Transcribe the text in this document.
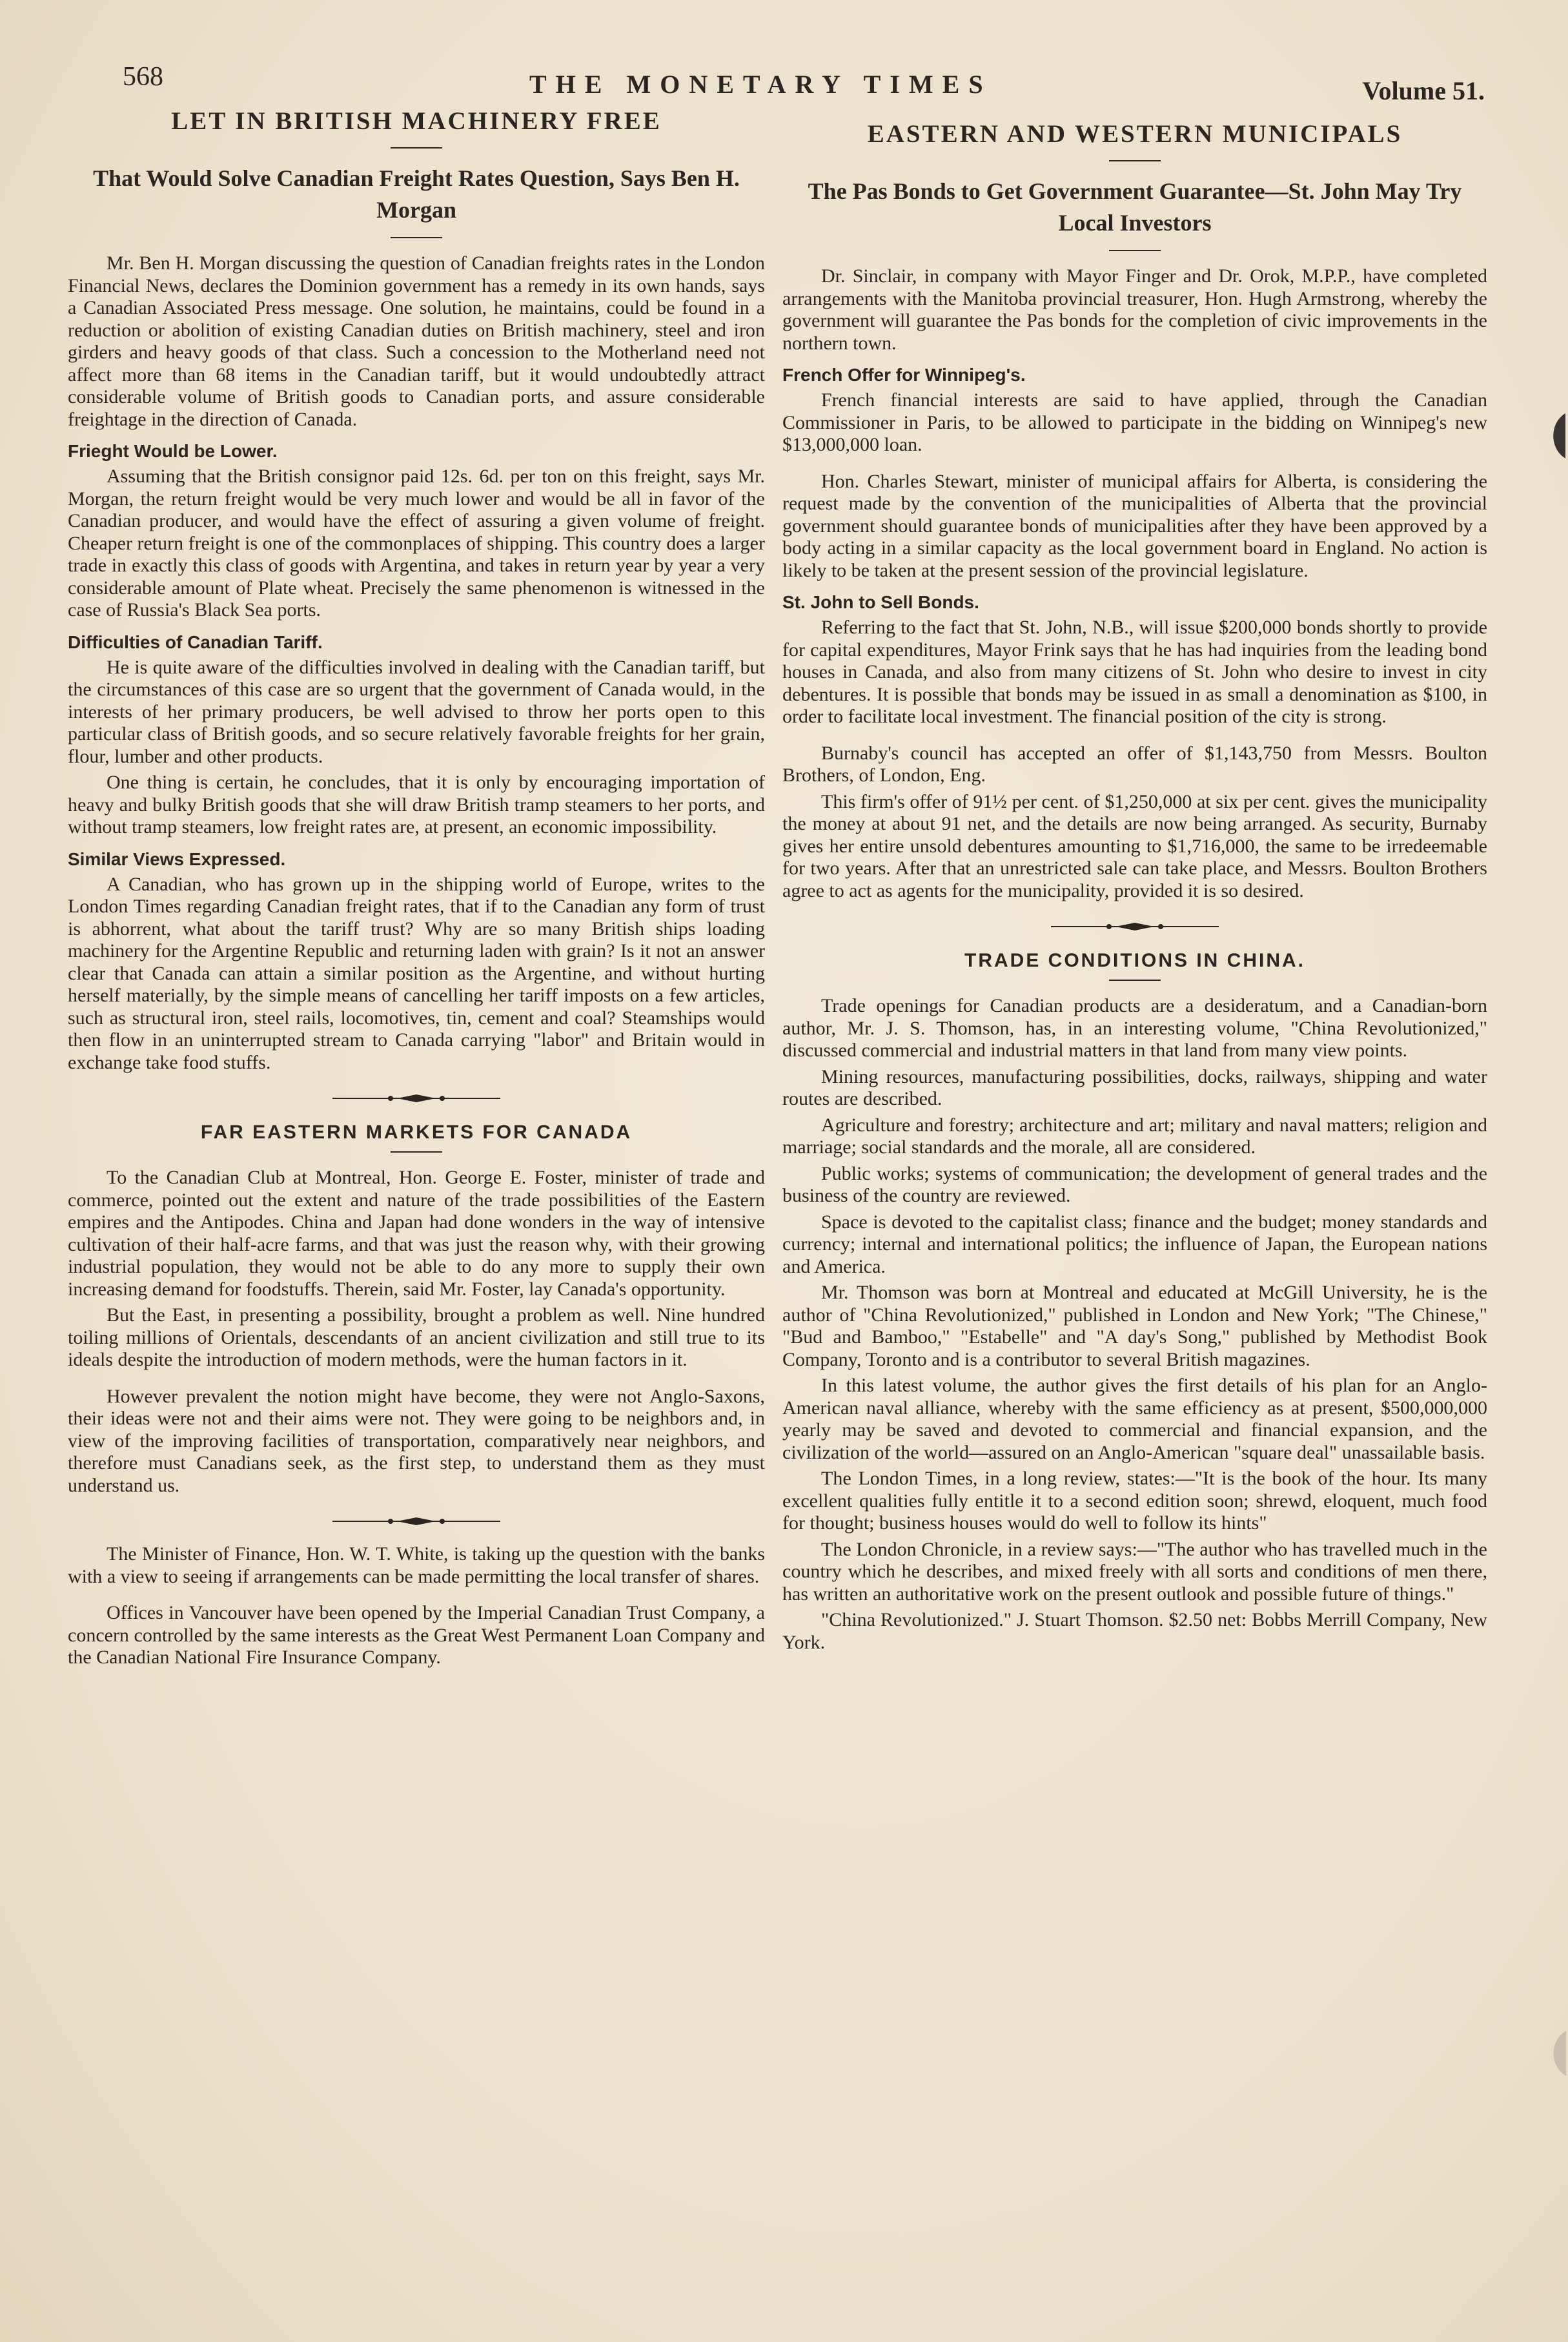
568	THE MONETARY TIMES	Volume 51.
LET IN BRITISH MACHINERY FREE
That Would Solve Canadian Freight Rates Question, Says Ben H. Morgan

Mr. Ben H. Morgan discussing the question of Canadian freights rates in the London Financial News, declares the Dominion government has a remedy in its own hands, says a Canadian Associated Press message. One solution, he maintains, could be found in a reduction or abolition of existing Canadian duties on British machinery, steel and iron girders and heavy goods of that class. Such a concession to the Motherland need not affect more than 68 items in the Canadian tariff, but it would undoubtedly attract considerable volume of British goods to Canadian ports, and assure considerable freightage in the direction of Canada.

Frieght Would be Lower.

Assuming that the British consignor paid 12s. 6d. per ton on this freight, says Mr. Morgan, the return freight would be very much lower and would be all in favor of the Canadian producer, and would have the effect of assuring a given volume of freight. Cheaper return freight is one of the commonplaces of shipping. This country does a larger trade in exactly this class of goods with Argentina, and takes in return year by year a very considerable amount of Plate wheat. Precisely the same phenomenon is witnessed in the case of Russia's Black Sea ports.

Difficulties of Canadian Tariff.

He is quite aware of the difficulties involved in dealing with the Canadian tariff, but the circumstances of this case are so urgent that the government of Canada would, in the interests of her primary producers, be well advised to throw her ports open to this particular class of British goods, and so secure relatively favorable freights for her grain, flour, lumber and other products.

One thing is certain, he concludes, that it is only by encouraging importation of heavy and bulky British goods that she will draw British tramp steamers to her ports, and without tramp steamers, low freight rates are, at present, an economic impossibility.

Similar Views Expressed.

A Canadian, who has grown up in the shipping world of Europe, writes to the London Times regarding Canadian freight rates, that if to the Canadian any form of trust is abhorrent, what about the tariff trust? Why are so many British ships loading machinery for the Argentine Republic and returning laden with grain? Is it not an answer clear that Canada can attain a similar position as the Argentine, and without hurting herself materially, by the simple means of cancelling her tariff imposts on a few articles, such as structural iron, steel rails, locomotives, tin, cement and coal? Steamships would then flow in an uninterrupted stream to Canada carrying "labor" and Britain would in exchange take food stuffs.

FAR EASTERN MARKETS FOR CANADA

To the Canadian Club at Montreal, Hon. George E. Foster, minister of trade and commerce, pointed out the extent and nature of the trade possibilities of the Eastern empires and the Antipodes. China and Japan had done wonders in the way of intensive cultivation of their half-acre farms, and that was just the reason why, with their growing industrial population, they would not be able to do any more to supply their own increasing demand for foodstuffs. Therein, said Mr. Foster, lay Canada's opportunity.

But the East, in presenting a possibility, brought a problem as well. Nine hundred toiling millions of Orientals, descendants of an ancient civilization and still true to its ideals despite the introduction of modern methods, were the human factors in it.

However prevalent the notion might have become, they were not Anglo-Saxons, their ideas were not and their aims were not. They were going to be neighbors and, in view of the improving facilities of transportation, comparatively near neighbors, and therefore must Canadians seek, as the first step, to understand them as they must understand us.

The Minister of Finance, Hon. W. T. White, is taking up the question with the banks with a view to seeing if arrangements can be made permitting the local transfer of shares.

Offices in Vancouver have been opened by the Imperial Canadian Trust Company, a concern controlled by the same interests as the Great West Permanent Loan Company and the Canadian National Fire Insurance Company.

EASTERN AND WESTERN MUNICIPALS
The Pas Bonds to Get Government Guarantee—St. John May Try Local Investors

Dr. Sinclair, in company with Mayor Finger and Dr. Orok, M.P.P., have completed arrangements with the Manitoba provincial treasurer, Hon. Hugh Armstrong, whereby the government will guarantee the Pas bonds for the completion of civic improvements in the northern town.

French Offer for Winnipeg's.

French financial interests are said to have applied, through the Canadian Commissioner in Paris, to be allowed to participate in the bidding on Winnipeg's new $13,000,000 loan.

Hon. Charles Stewart, minister of municipal affairs for Alberta, is considering the request made by the convention of the municipalities of Alberta that the provincial government should guarantee bonds of municipalities after they have been approved by a body acting in a similar capacity as the local government board in England. No action is likely to be taken at the present session of the provincial legislature.

St. John to Sell Bonds.

Referring to the fact that St. John, N.B., will issue $200,000 bonds shortly to provide for capital expenditures, Mayor Frink says that he has had inquiries from the leading bond houses in Canada, and also from many citizens of St. John who desire to invest in city debentures. It is possible that bonds may be issued in as small a denomination as $100, in order to facilitate local investment. The financial position of the city is strong.

Burnaby's council has accepted an offer of $1,143,750 from Messrs. Boulton Brothers, of London, Eng.

This firm's offer of 91½ per cent. of $1,250,000 at six per cent. gives the municipality the money at about 91 net, and the details are now being arranged. As security, Burnaby gives her entire unsold debentures amounting to $1,716,000, the same to be irredeemable for two years. After that an unrestricted sale can take place, and Messrs. Boulton Brothers agree to act as agents for the municipality, provided it is so desired.

TRADE CONDITIONS IN CHINA.

Trade openings for Canadian products are a desideratum, and a Canadian-born author, Mr. J. S. Thomson, has, in an interesting volume, "China Revolutionized," discussed commercial and industrial matters in that land from many view points.

Mining resources, manufacturing possibilities, docks, railways, shipping and water routes are described.

Agriculture and forestry; architecture and art; military and naval matters; religion and marriage; social standards and the morale, all are considered.

Public works; systems of communication; the development of general trades and the business of the country are reviewed.

Space is devoted to the capitalist class; finance and the budget; money standards and currency; internal and international politics; the influence of Japan, the European nations and America.

Mr. Thomson was born at Montreal and educated at McGill University, he is the author of "China Revolutionized," published in London and New York; "The Chinese," "Bud and Bamboo," "Estabelle" and "A day's Song," published by Methodist Book Company, Toronto and is a contributor to several British magazines.

In this latest volume, the author gives the first details of his plan for an Anglo-American naval alliance, whereby with the same efficiency as at present, $500,000,000 yearly may be saved and devoted to commercial and financial expansion, and the civilization of the world—assured on an Anglo-American "square deal" unassailable basis.

The London Times, in a long review, states:—"It is the book of the hour. Its many excellent qualities fully entitle it to a second edition soon; shrewd, eloquent, much food for thought; business houses would do well to follow its hints"

The London Chronicle, in a review says:—"The author who has travelled much in the country which he describes, and mixed freely with all sorts and conditions of men there, has written an authoritative work on the present outlook and possible future of things."

"China Revolutionized." J. Stuart Thomson. $2.50 net: Bobbs Merrill Company, New York.
